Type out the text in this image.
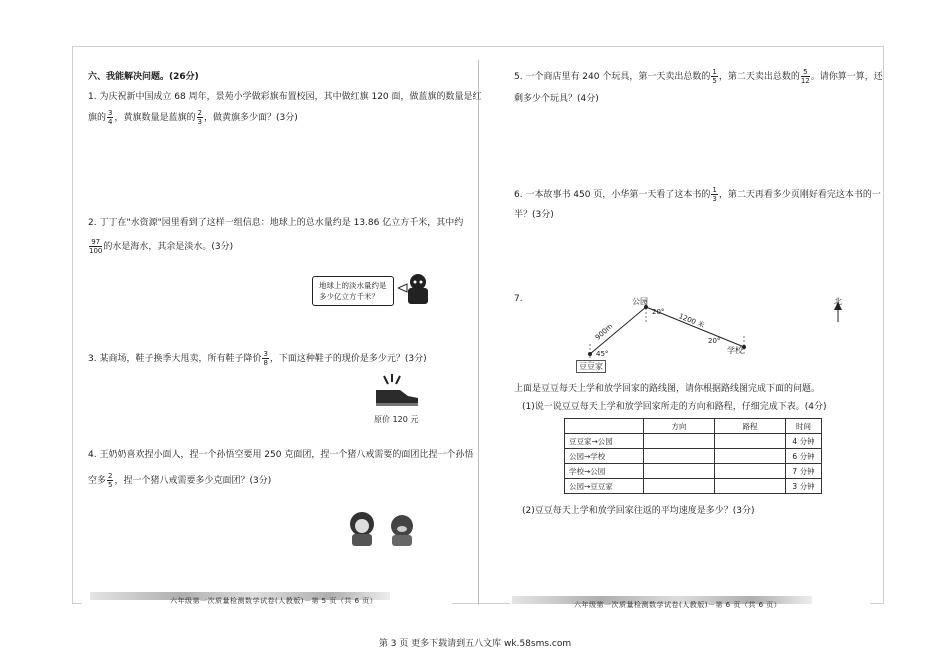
六、我能解决问题。(26分)
1. 为庆祝新中国成立 68 周年，景苑小学做彩旗布置校园，其中做红旗 120 面，做蓝旗的数量是红
旗的 $\frac{3}{4}$ ，黄旗数量是蓝旗的 $\frac{2}{3}$ ，做黄旗多少面？(3分)
2. 丁丁在"水资源"园里看到了这样一组信息：地球上的总水量约是 13.86 亿立方千米，其中约
$\frac{97}{100}$ 的水是海水，其余是淡水。(3分)
地球上的淡水量约是
多少亿立方千米？
3. 某商场，鞋子换季大甩卖，所有鞋子降价 $\frac{3}{8}$ ，下面这种鞋子的现价是多少元？(3分)
原价 120 元
4. 王奶奶喜欢捏小面人，捏一个孙悟空要用 250 克面团，捏一个猪八戒需要的面团比捏一个孙悟
空多 $\frac{2}{5}$ ，捏一个猪八戒需要多少克面团？(3分)
六年级第一次质量检测数学试卷(人教版)－第 5 页（共 6 页）
5. 一个商店里有 240 个玩具，第一天卖出总数的 $\frac{1}{5}$ ，第二天卖出总数的 $\frac{5}{12}$ 。请你算一算，还
剩多少个玩具？(4分)
6. 一本故事书 450 页，小华第一天看了这本书的 $\frac{1}{3}$ ，第二天再看多少页刚好看完这本书的一
半？(3分)
7.	公园
豆豆家
学校
北
900m
1200 米
20°
20°
45°
上面是豆豆每天上学和放学回家的路线图，请你根据路线图完成下面的问题。
(1)说一说豆豆每天上学和放学回家所走的方向和路程，仔细完成下表。(4分)
	方向	路程	时间
豆豆家→公园			4 分钟
公园→学校			6 分钟
学校→公园			7 分钟
公园→豆豆家			3 分钟
(2)豆豆每天上学和放学回家往返的平均速度是多少？(3分)
六年级第一次质量检测数学试卷(人教版)－第 6 页（共 6 页）
第 3 页 更多下载请到五八文库 wk.58sms.com
